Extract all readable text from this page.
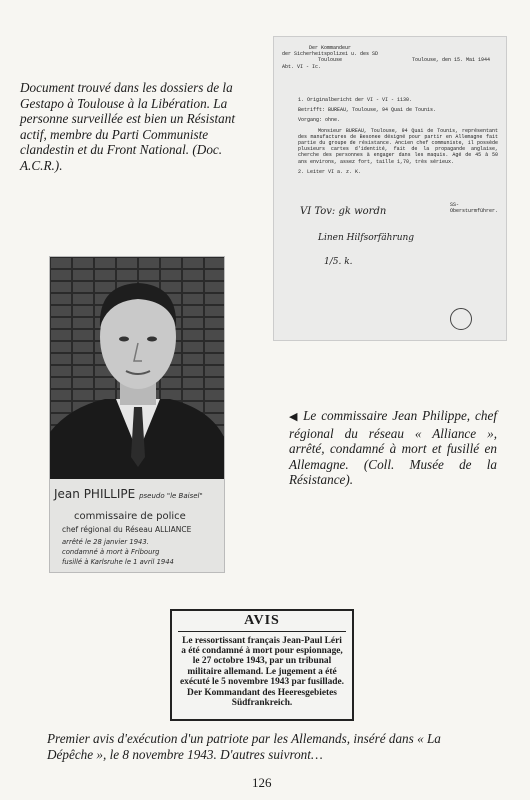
Document trouvé dans les dossiers de la Gestapo à Toulouse à la Libération. La personne surveillée est bien un Résistant actif, membre du Parti Communiste clandestin et du Front National. (Doc. A.C.R.).
Der Kommandeur
der Sicherheitspolizei u. des SD
Toulouse
Abt. VI - Ic.
Toulouse, den 15. Mai 1944

1. Originalbericht der VI - VI - 1130.

Betrifft: BUREAU, Toulouse, 94 Quai de Tounis.

Vorgang: ohne.

Monsieur BUREAU, Toulouse, 94 Quai de Tounis, représentant des manufactures de Besonee désigné pour partir en Allemagne fait partie du groupe de résistance. Ancien chef communiste, il possède plusieurs cartes d'identité, fait de la propagande anglaise, cherche des personnes à engager dans les maquis. Agé de 45 à 50 ans environs, assez fort, taille 1,70, très sérieux.

2. Leiter VI a. z. K.

SS-Obersturmführer.
VI Tov: gk wordn
Linen Hilfsorfährung
1/5. k.
Jean PHILLIPE pseudo "le Baisel"
commissaire de police
chef régional du Réseau ALLIANCE
arrêté le 28 janvier 1943.
condamné à mort à Fribourg
fusillé à Karlsruhe le 1 avril 1944
◀ Le commissaire Jean Philippe, chef régional du réseau « Alliance », arrêté, condamné à mort et fusillé en Allemagne. (Coll. Musée de la Résistance).
AVIS
Le ressortissant français Jean-Paul Léri a été condamné à mort pour espionnage, le 27 octobre 1943, par un tribunal militaire allemand. Le jugement a été exécuté le 5 novembre 1943 par fusillade.
Der Kommandant des Heeresgebietes Südfrankreich.
Premier avis d'exécution d'un patriote par les Allemands, inséré dans « La Dépêche », le 8 novembre 1943. D'autres suivront…
126
